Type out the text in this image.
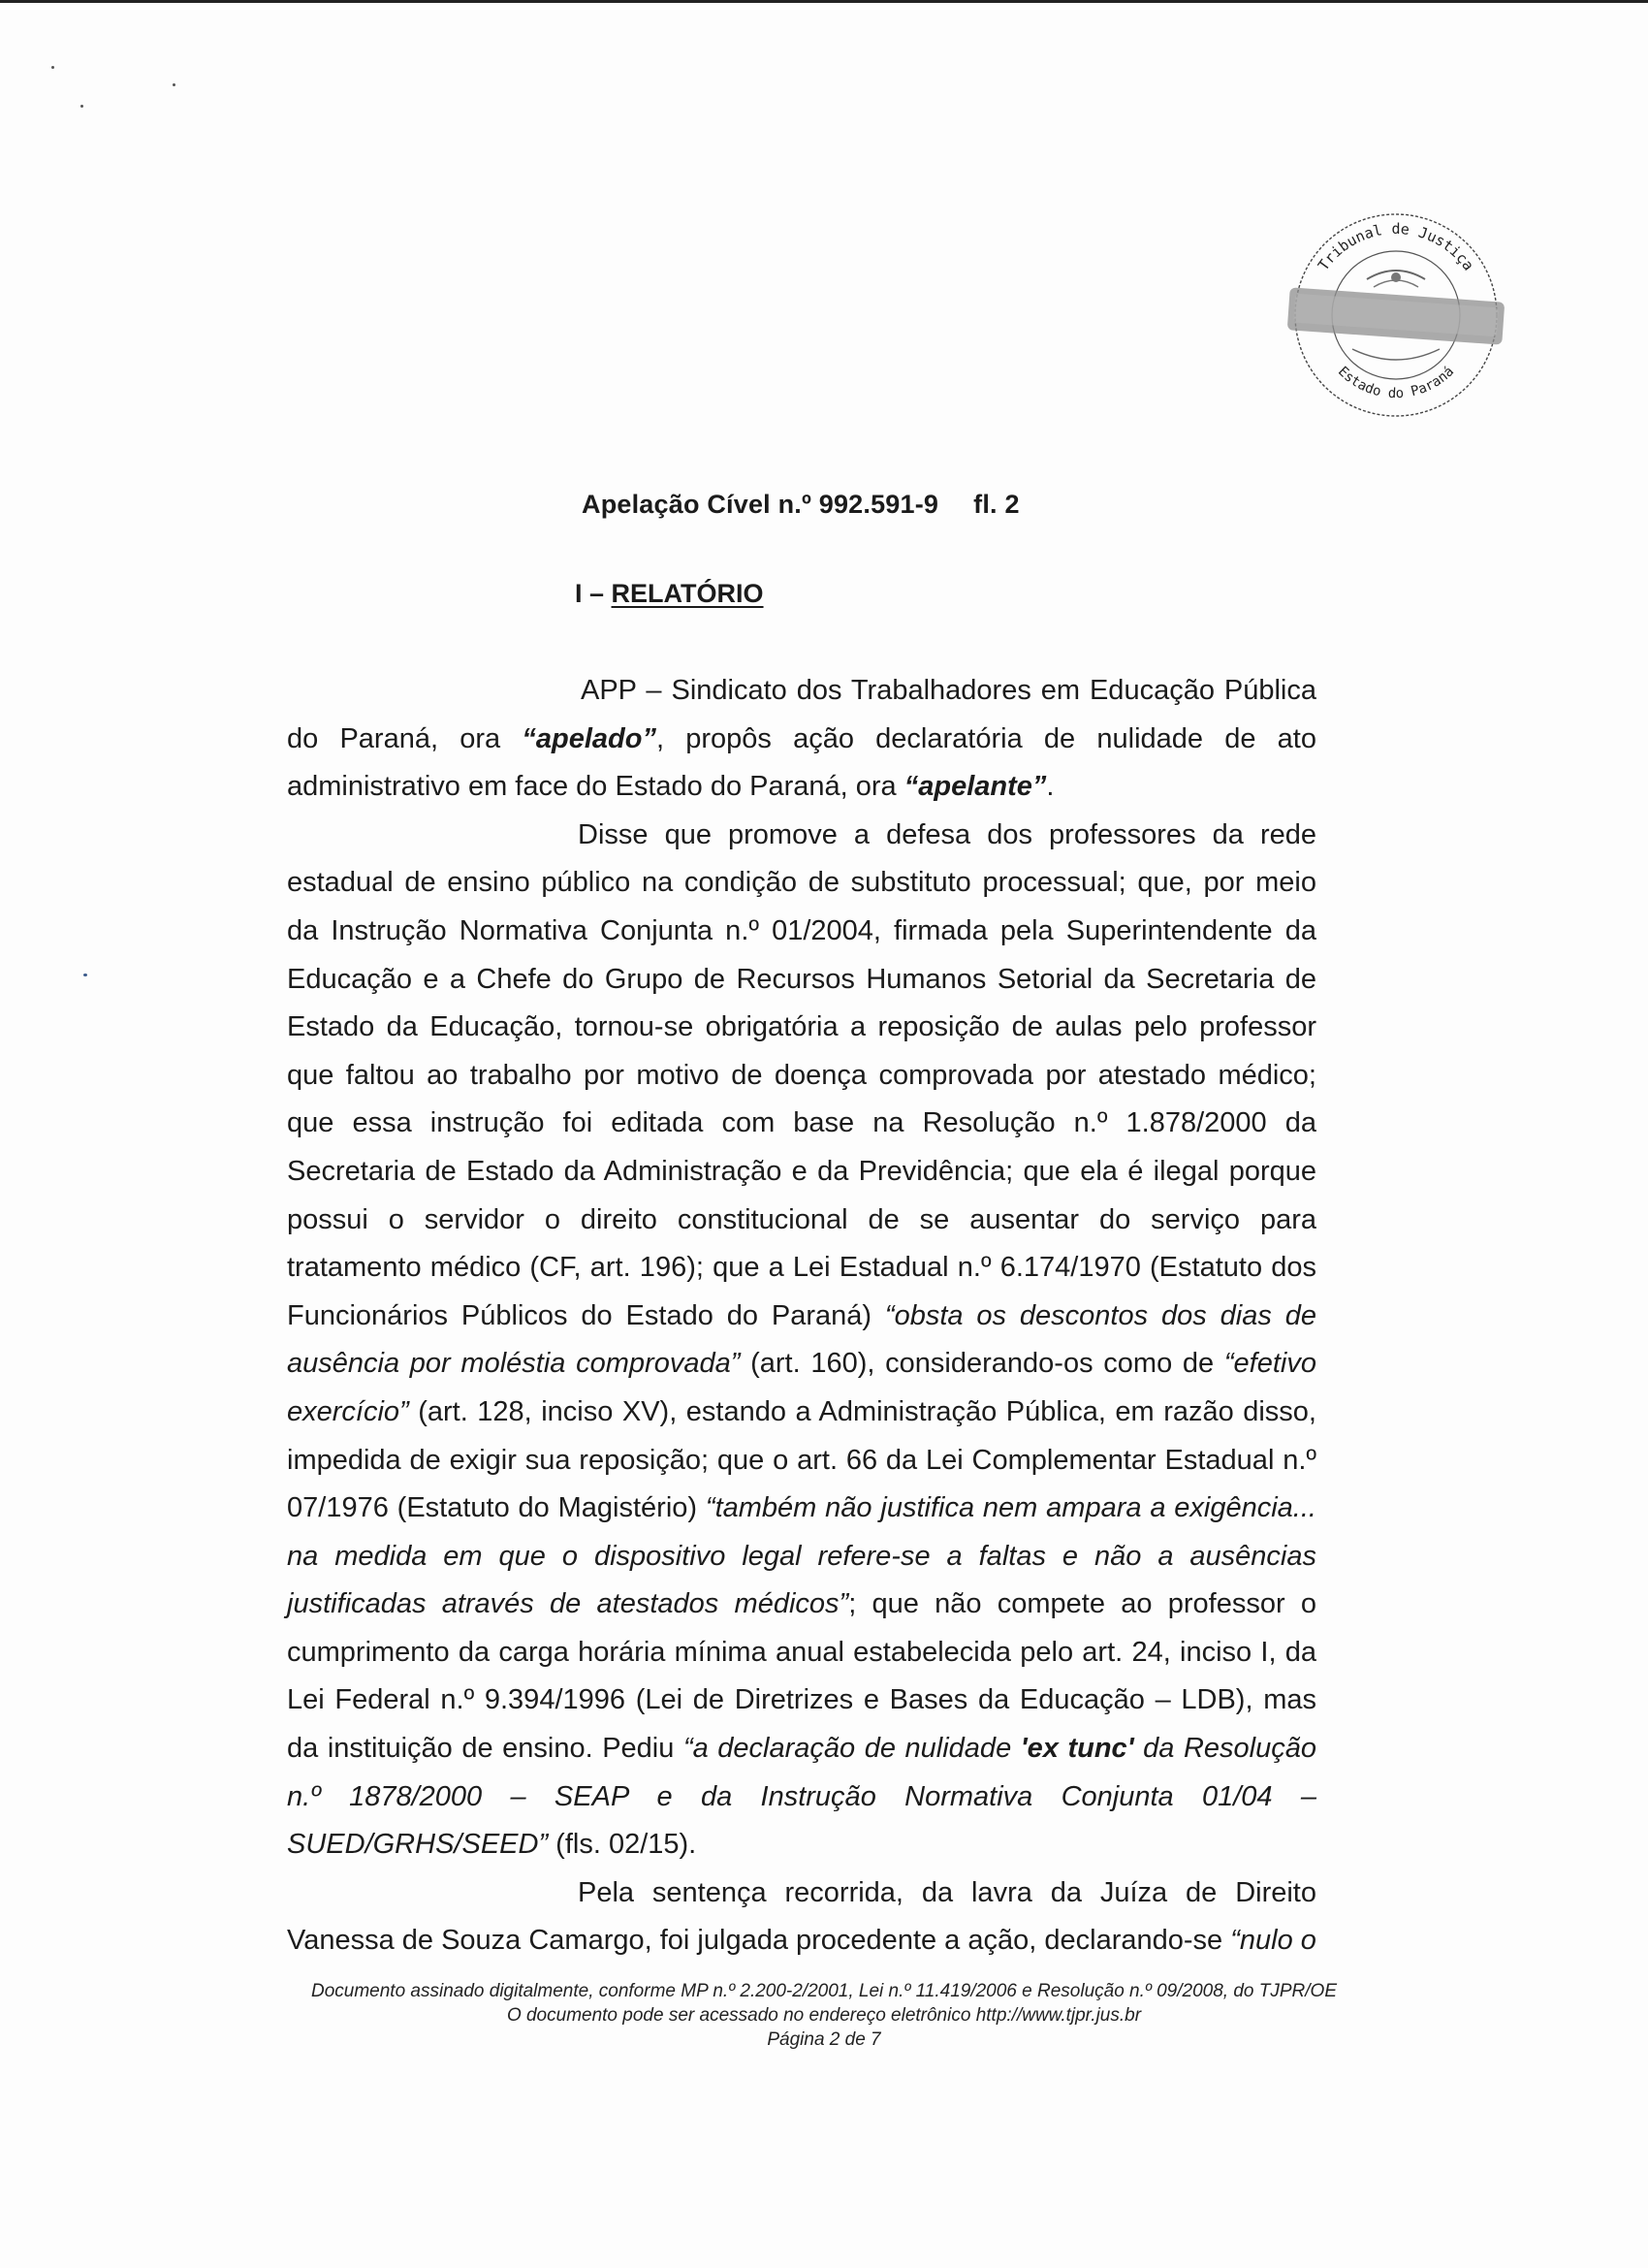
Tribunal de Justiça
Estado do Paraná
Apelação Cível n.º 992.591-9 fl. 2
I – RELATÓRIO

APP – Sindicato dos Trabalhadores em Educação Pública do Paraná, ora “apelado”, propôs ação declaratória de nulidade de ato administrativo em face do Estado do Paraná, ora “apelante”.

Disse que promove a defesa dos professores da rede estadual de ensino público na condição de substituto processual; que, por meio da Instrução Normativa Conjunta n.º 01/2004, firmada pela Superintendente da Educação e a Chefe do Grupo de Recursos Humanos Setorial da Secretaria de Estado da Educação, tornou-se obrigatória a reposição de aulas pelo professor que faltou ao trabalho por motivo de doença comprovada por atestado médico; que essa instrução foi editada com base na Resolução n.º 1.878/2000 da Secretaria de Estado da Administração e da Previdência; que ela é ilegal porque possui o servidor o direito constitucional de se ausentar do serviço para tratamento médico (CF, art. 196); que a Lei Estadual n.º 6.174/1970 (Estatuto dos Funcionários Públicos do Estado do Paraná) “obsta os descontos dos dias de ausência por moléstia comprovada” (art. 160), considerando-os como de “efetivo exercício” (art. 128, inciso XV), estando a Administração Pública, em razão disso, impedida de exigir sua reposição; que o art. 66 da Lei Complementar Estadual n.º 07/1976 (Estatuto do Magistério) “também não justifica nem ampara a exigência... na medida em que o dispositivo legal refere-se a faltas e não a ausências justificadas através de atestados médicos”; que não compete ao professor o cumprimento da carga horária mínima anual estabelecida pelo art. 24, inciso I, da Lei Federal n.º 9.394/1996 (Lei de Diretrizes e Bases da Educação – LDB), mas da instituição de ensino. Pediu “a declaração de nulidade 'ex tunc' da Resolução n.º 1878/2000 – SEAP e da Instrução Normativa Conjunta 01/04 – SUED/GRHS/SEED” (fls. 02/15).

Pela sentença recorrida, da lavra da Juíza de Direito Vanessa de Souza Camargo, foi julgada procedente a ação, declarando-se “nulo o

Documento assinado digitalmente, conforme MP n.º 2.200-2/2001, Lei n.º 11.419/2006 e Resolução n.º 09/2008, do TJPR/OE
O documento pode ser acessado no endereço eletrônico http://www.tjpr.jus.br
Página 2 de 7
